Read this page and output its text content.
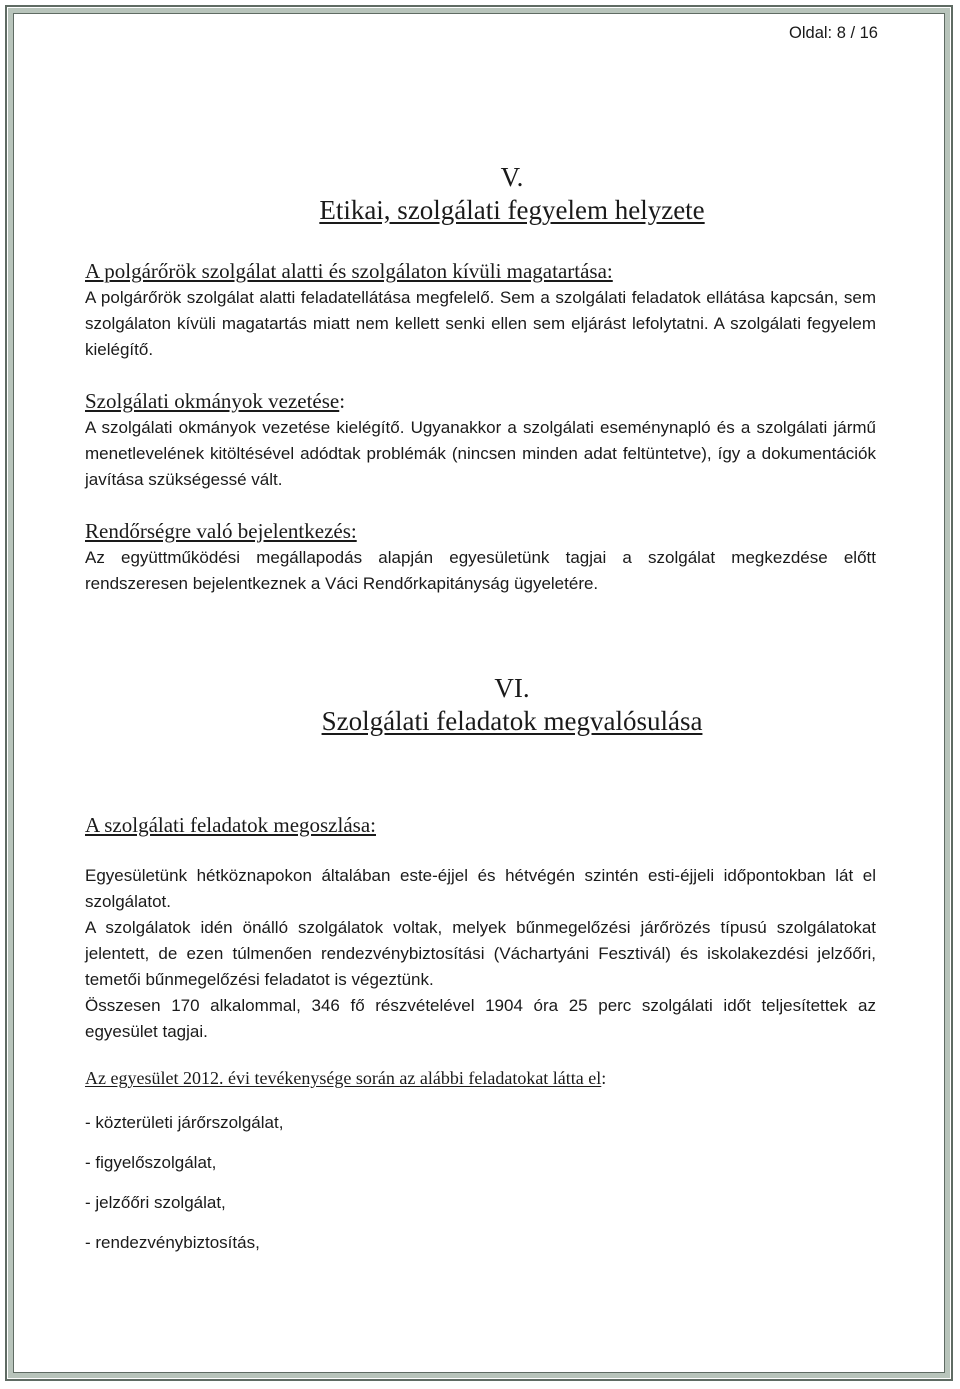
Oldal: 8 / 16
V.
Etikai, szolgálati fegyelem helyzete
A polgárőrök szolgálat alatti és szolgálaton kívüli magatartása:
A polgárőrök szolgálat alatti feladatellátása megfelelő. Sem a szolgálati feladatok ellátása kapcsán, sem szolgálaton kívüli magatartás miatt nem kellett senki ellen sem eljárást lefolytatni. A szolgálati fegyelem kielégítő.
Szolgálati okmányok vezetése:
A szolgálati okmányok vezetése kielégítő. Ugyanakkor a szolgálati eseménynapló és a szolgálati jármű menetlevelének kitöltésével adódtak problémák (nincsen minden adat feltüntetve), így a dokumentációk javítása szükségessé vált.
Rendőrségre való bejelentkezés:
Az együttműködési megállapodás alapján egyesületünk tagjai a szolgálat megkezdése előtt rendszeresen bejelentkeznek a Váci Rendőrkapitányság ügyeletére.
VI.
Szolgálati feladatok megvalósulása
A szolgálati feladatok megoszlása:
Egyesületünk hétköznapokon általában este-éjjel és hétvégén szintén esti-éjjeli időpontokban lát el szolgálatot.
A szolgálatok idén önálló szolgálatok voltak, melyek bűnmegelőzési járőrözés típusú szolgálatokat jelentett, de ezen túlmenően rendezvénybiztosítási (Váchartyáni Fesztivál) és iskolakezdési jelzőőri, temetői bűnmegelőzési feladatot is végeztünk.
Összesen 170 alkalommal, 346 fő részvételével 1904 óra 25 perc szolgálati időt teljesítettek az egyesület tagjai.
Az egyesület 2012. évi tevékenysége során az alábbi feladatokat látta el:
- közterületi járőrszolgálat,
- figyelőszolgálat,
- jelzőőri szolgálat,
- rendezvénybiztosítás,
